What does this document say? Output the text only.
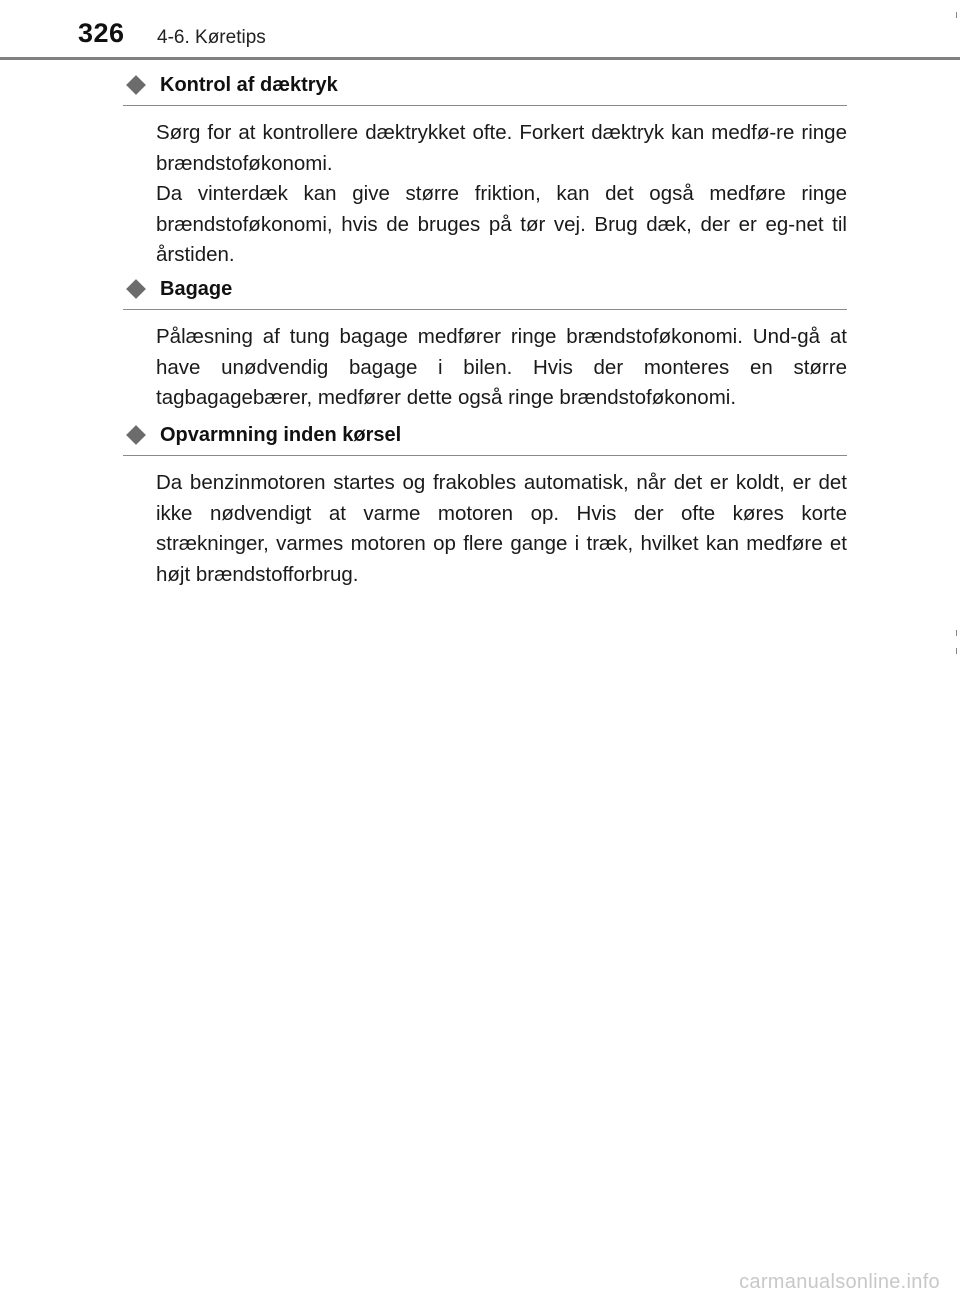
326 4-6. Køretips
Kontrol af dæktryk

Sørg for at kontrollere dæktrykket ofte. Forkert dæktryk kan medfø-re ringe brændstoføkonomi.

Da vinterdæk kan give større friktion, kan det også medføre ringe brændstoføkonomi, hvis de bruges på tør vej. Brug dæk, der er eg-net til årstiden.

Bagage

Pålæsning af tung bagage medfører ringe brændstoføkonomi. Und-gå at have unødvendig bagage i bilen. Hvis der monteres en større tagbagagebærer, medfører dette også ringe brændstoføkonomi.

Opvarmning inden kørsel

Da benzinmotoren startes og frakobles automatisk, når det er koldt, er det ikke nødvendigt at varme motoren op. Hvis der ofte køres korte strækninger, varmes motoren op flere gange i træk, hvilket kan medføre et højt brændstofforbrug.

carmanualsonline.info
